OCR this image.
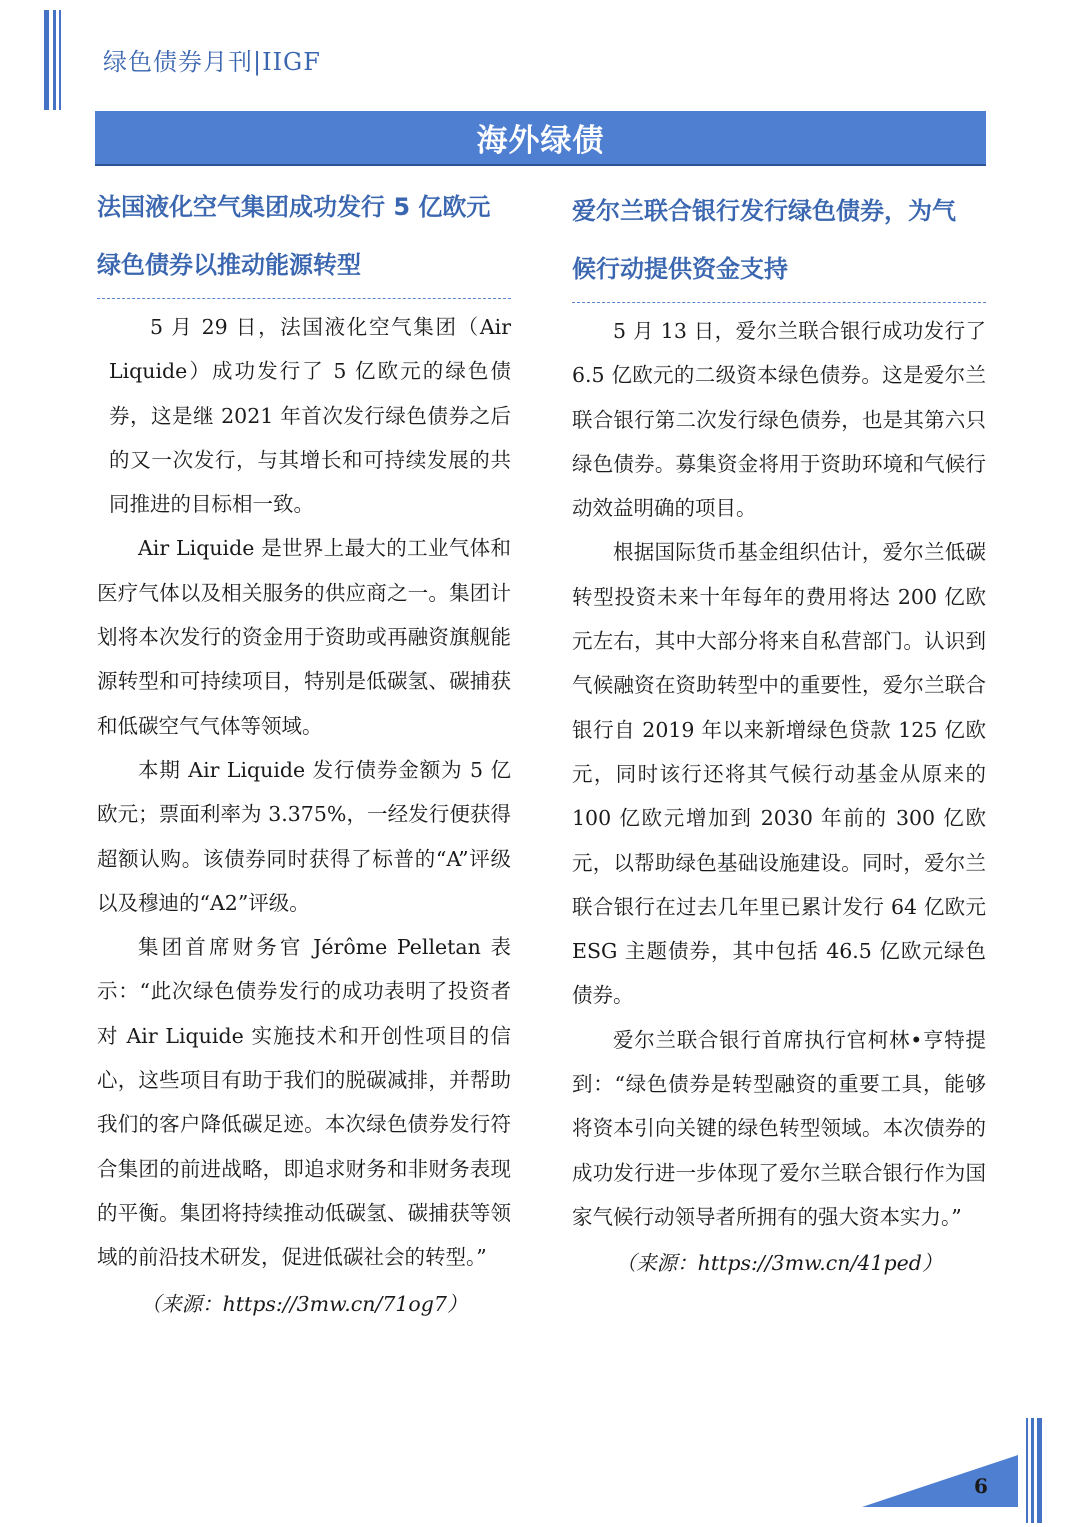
绿色债券月刊|IIGF
海外绿债
法国液化空气集团成功发行 5 亿欧元
绿色债券以推动能源转型

5 月 29 日，法国液化空气集团（Air Liquide）成功发行了 5 亿欧元的绿色债券，这是继 2021 年首次发行绿色债券之后的又一次发行，与其增长和可持续发展的共同推进的目标相一致。

Air Liquide 是世界上最大的工业气体和医疗气体以及相关服务的供应商之一。集团计划将本次发行的资金用于资助或再融资旗舰能源转型和可持续项目，特别是低碳氢、碳捕获和低碳空气气体等领域。

本期 Air Liquide 发行债券金额为 5 亿欧元；票面利率为 3.375%，一经发行便获得超额认购。该债券同时获得了标普的“A”评级以及穆迪的“A2”评级。

集团首席财务官 Jérôme Pelletan 表示：“此次绿色债券发行的成功表明了投资者对 Air Liquide 实施技术和开创性项目的信心，这些项目有助于我们的脱碳减排，并帮助我们的客户降低碳足迹。本次绿色债券发行符合集团的前进战略，即追求财务和非财务表现的平衡。集团将持续推动低碳氢、碳捕获等领域的前沿技术研发，促进低碳社会的转型。”

（来源：https://3mw.cn/71og7）
爱尔兰联合银行发行绿色债券，为气
候行动提供资金支持

5 月 13 日，爱尔兰联合银行成功发行了 6.5 亿欧元的二级资本绿色债券。这是爱尔兰联合银行第二次发行绿色债券，也是其第六只绿色债券。募集资金将用于资助环境和气候行动效益明确的项目。

根据国际货币基金组织估计，爱尔兰低碳转型投资未来十年每年的费用将达 200 亿欧元左右，其中大部分将来自私营部门。认识到气候融资在资助转型中的重要性，爱尔兰联合银行自 2019 年以来新增绿色贷款 125 亿欧元，同时该行还将其气候行动基金从原来的 100 亿欧元增加到 2030 年前的 300 亿欧元，以帮助绿色基础设施建设。同时，爱尔兰联合银行在过去几年里已累计发行 64 亿欧元 ESG 主题债券，其中包括 46.5 亿欧元绿色债券。

爱尔兰联合银行首席执行官柯林•亨特提到：“绿色债券是转型融资的重要工具，能够将资本引向关键的绿色转型领域。本次债券的成功发行进一步体现了爱尔兰联合银行作为国家气候行动领导者所拥有的强大资本实力。”

（来源：https://3mw.cn/41ped）
6
